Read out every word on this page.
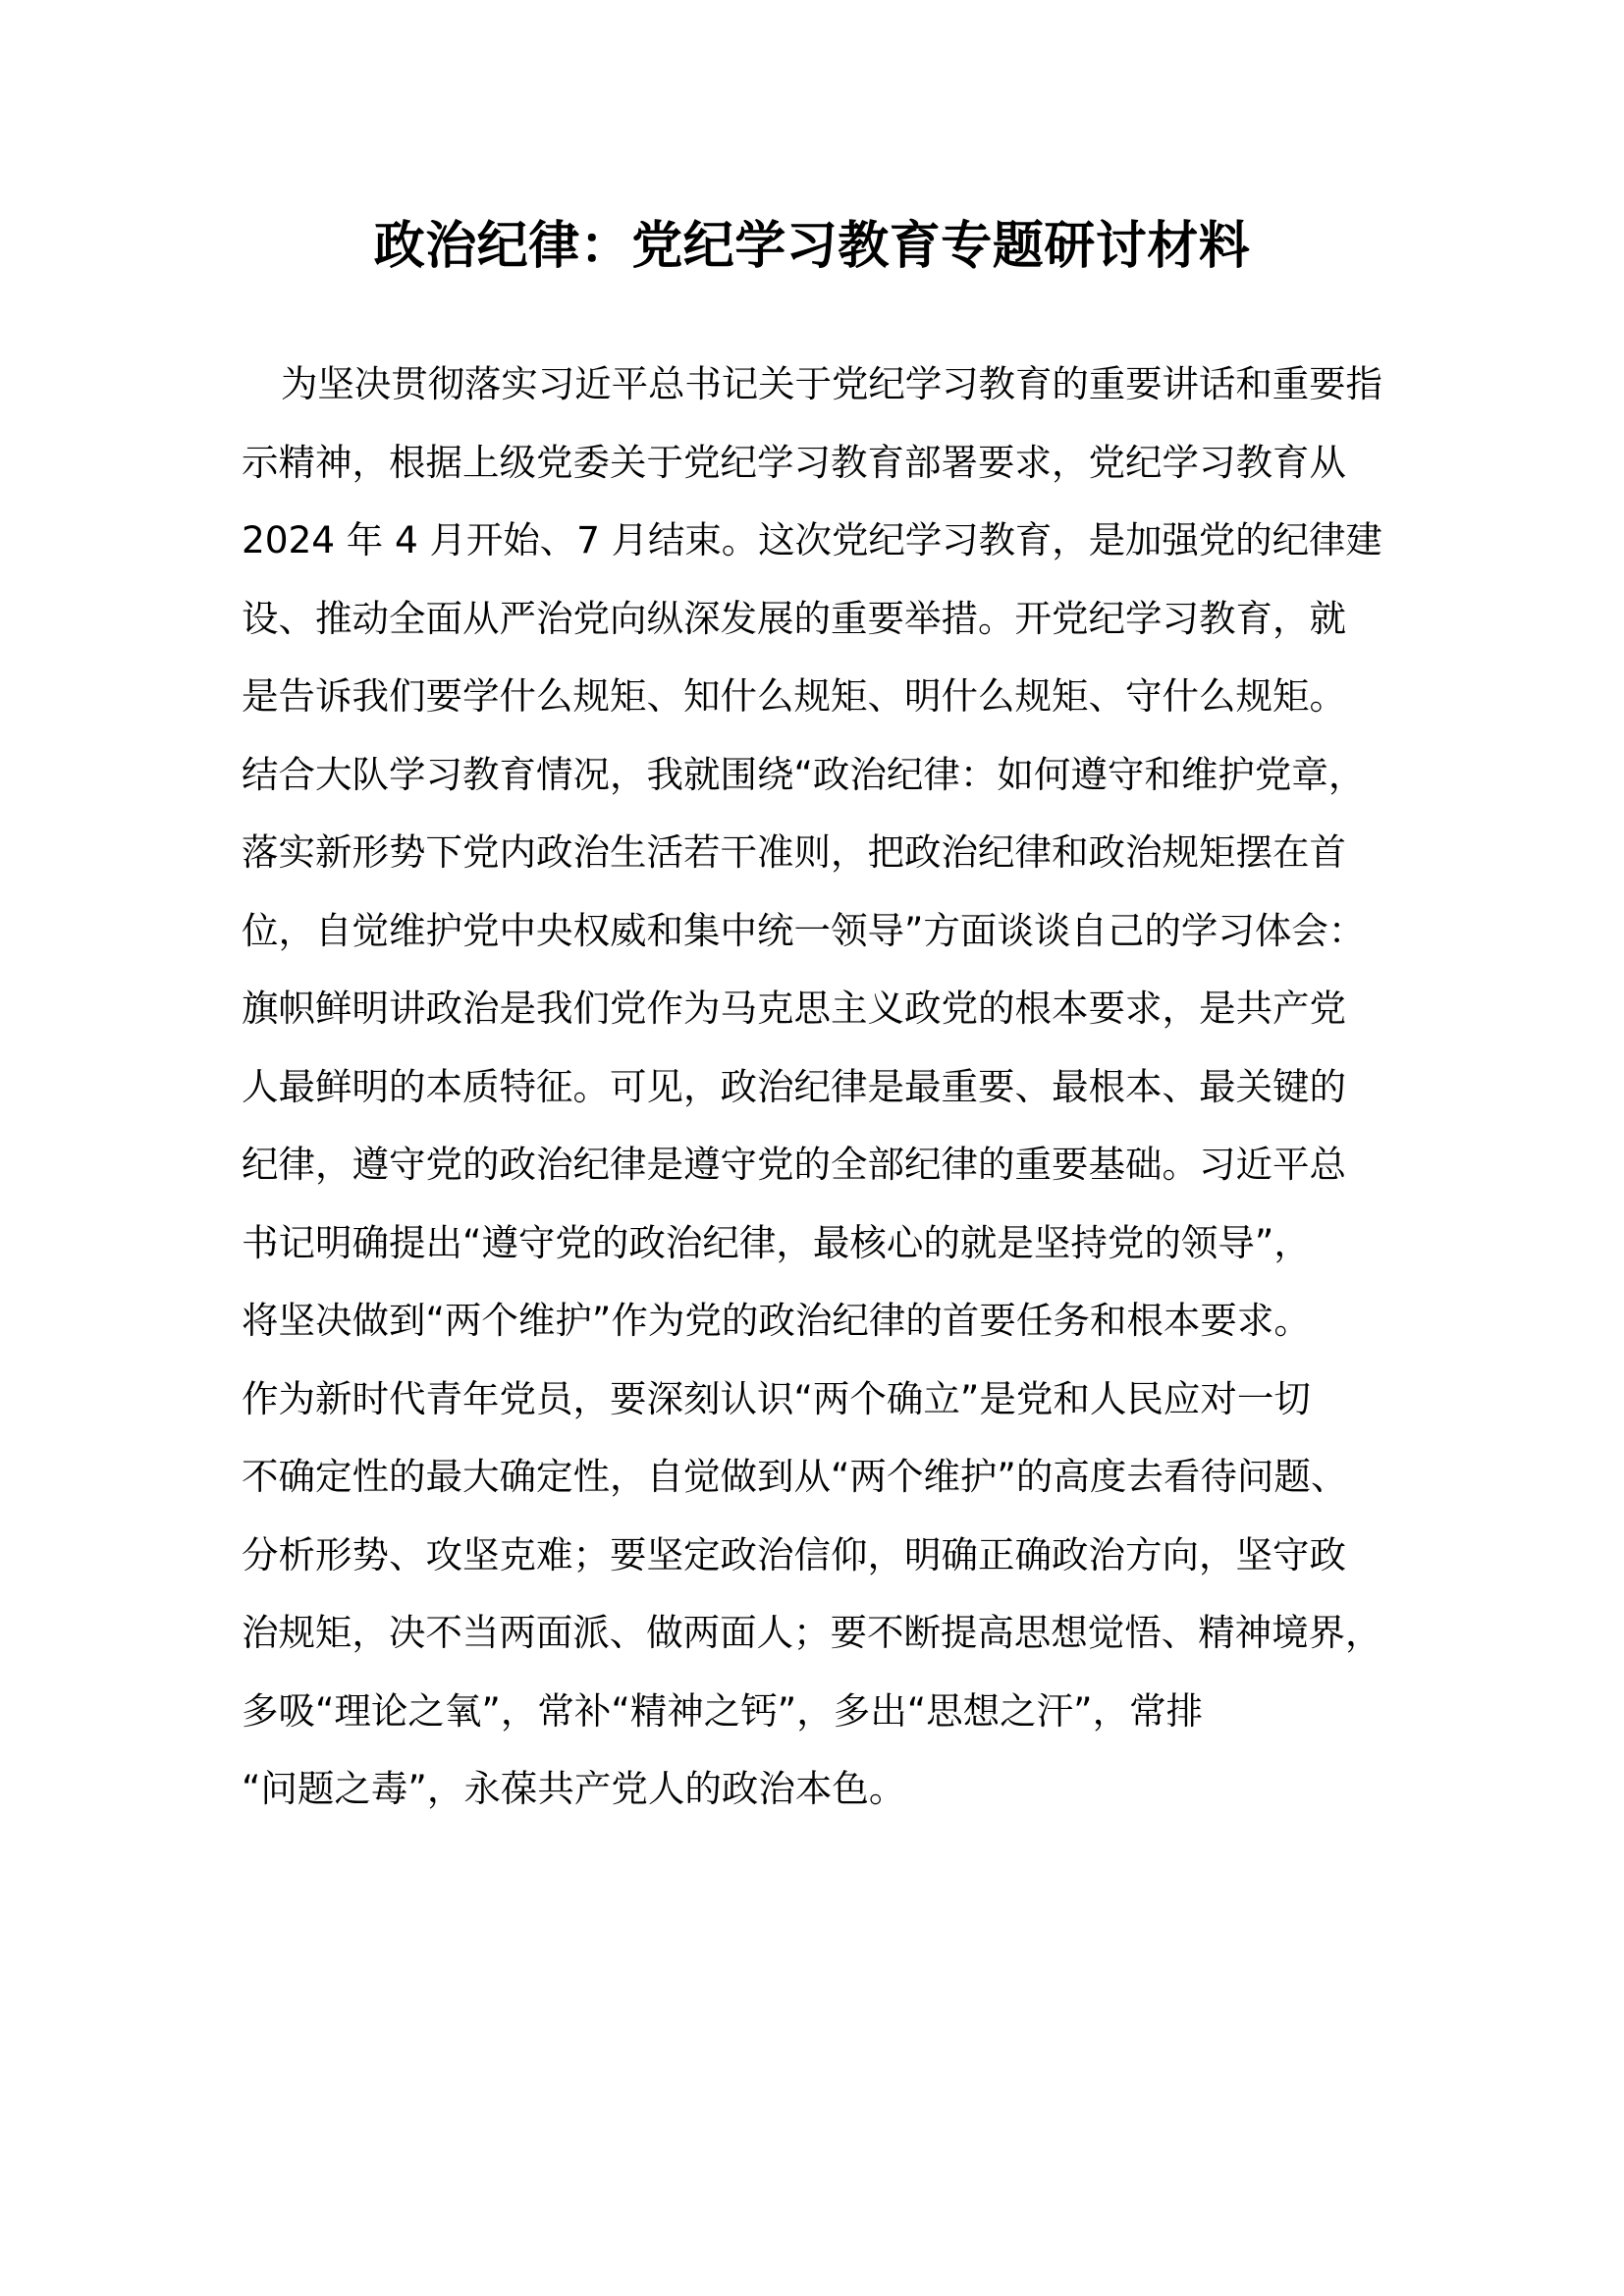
政治纪律：党纪学习教育专题研讨材料

为坚决贯彻落实习近平总书记关于党纪学习教育的重要讲话和重要指
示精神，根据上级党委关于党纪学习教育部署要求，党纪学习教育从
2024 年 4 月开始、7 月结束。这次党纪学习教育，是加强党的纪律建
设、推动全面从严治党向纵深发展的重要举措。开党纪学习教育，就
是告诉我们要学什么规矩、知什么规矩、明什么规矩、守什么规矩。
结合大队学习教育情况，我就围绕“政治纪律：如何遵守和维护党章，
落实新形势下党内政治生活若干准则，把政治纪律和政治规矩摆在首
位，自觉维护党中央权威和集中统一领导”方面谈谈自己的学习体会：

旗帜鲜明讲政治是我们党作为马克思主义政党的根本要求，是共产党
人最鲜明的本质特征。可见，政治纪律是最重要、最根本、最关键的
纪律，遵守党的政治纪律是遵守党的全部纪律的重要基础。习近平总
书记明确提出“遵守党的政治纪律，最核心的就是坚持党的领导”，
将坚决做到“两个维护”作为党的政治纪律的首要任务和根本要求。
作为新时代青年党员，要深刻认识“两个确立”是党和人民应对一切
不确定性的最大确定性，自觉做到从“两个维护”的高度去看待问题、
分析形势、攻坚克难；要坚定政治信仰，明确正确政治方向，坚守政
治规矩，决不当两面派、做两面人；要不断提高思想觉悟、精神境界，
多吸“理论之氧”，常补“精神之钙”，多出“思想之汗”，常排
“问题之毒”，永葆共产党人的政治本色。
